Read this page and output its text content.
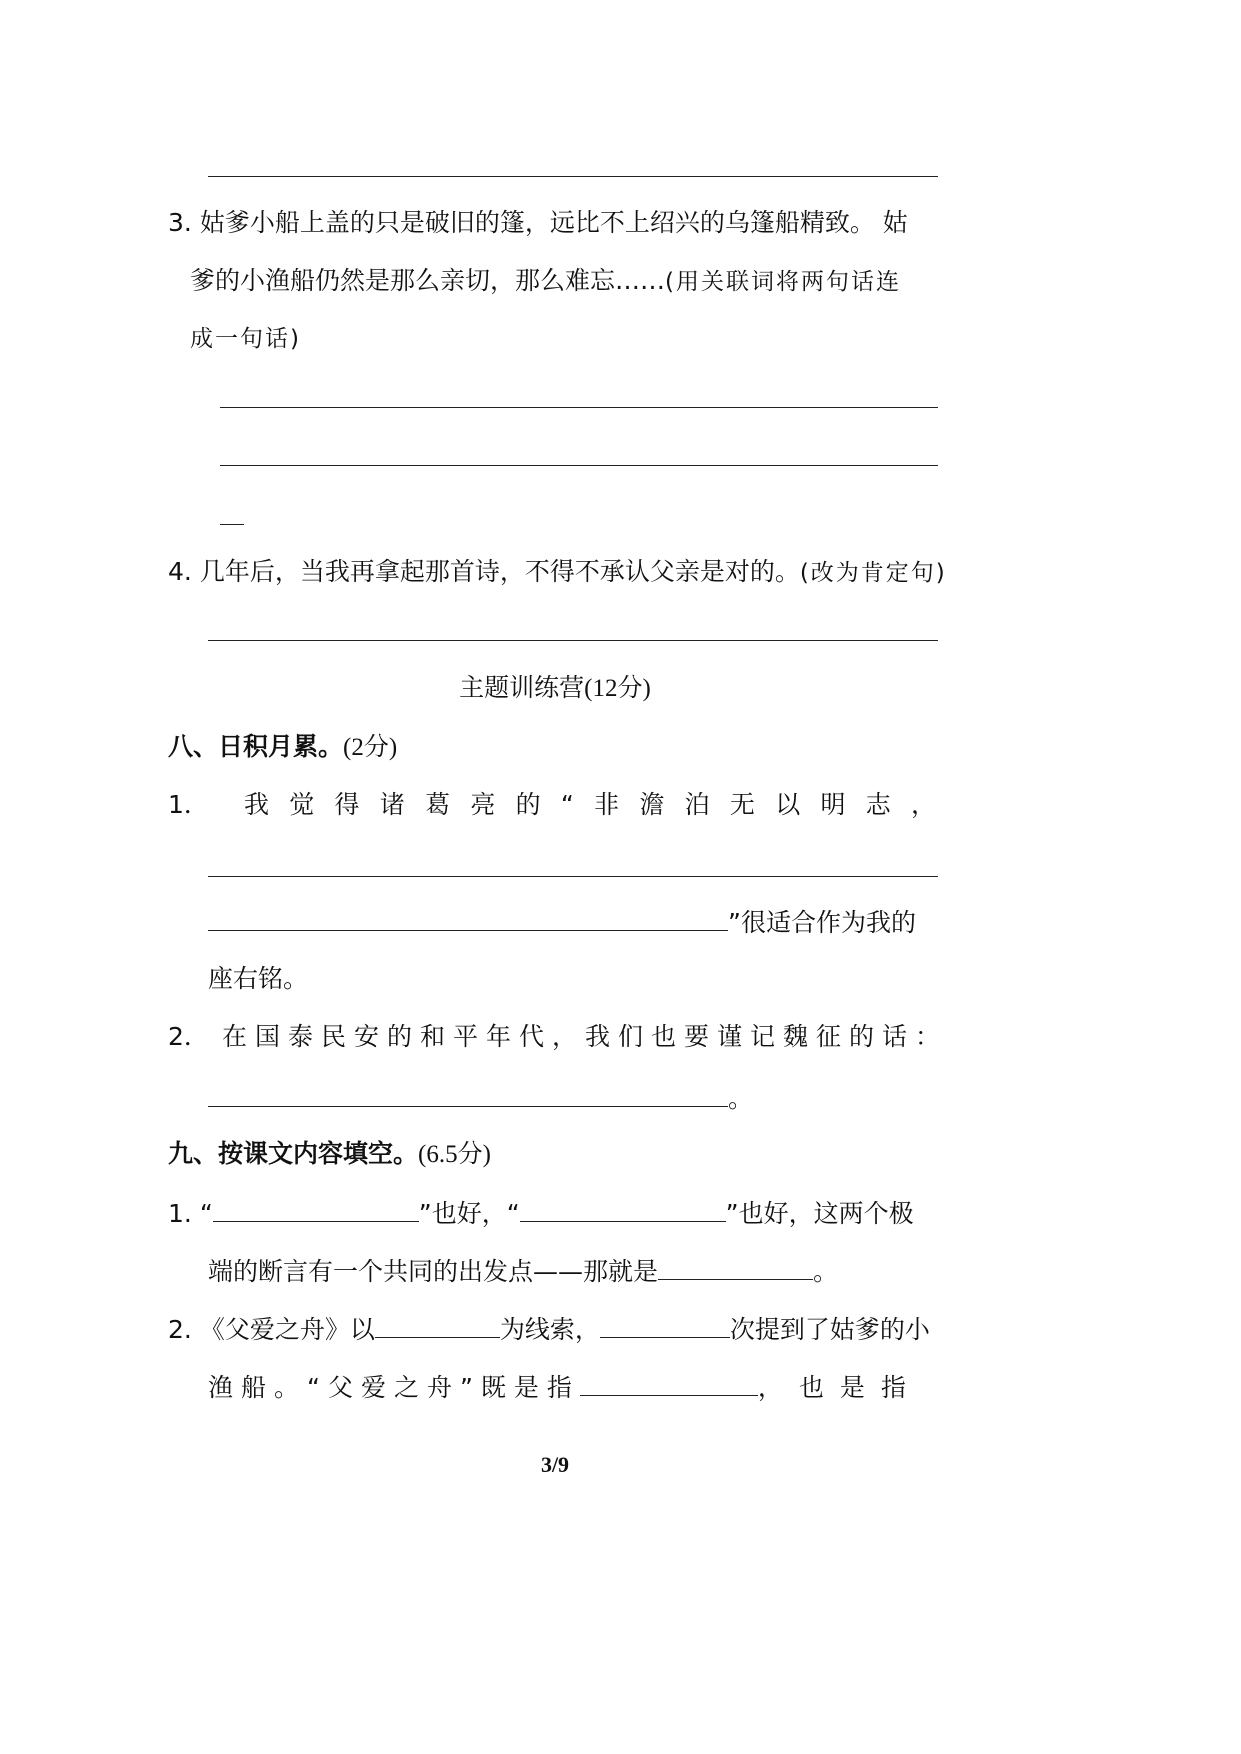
3. 姑爹小船上盖的只是破旧的篷，远比不上绍兴的乌篷船精致。 姑
爹的小渔船仍然是那么亲切，那么难忘……(用关联词将两句话连
成一句话)
4. 几年后，当我再拿起那首诗，不得不承认父亲是对的。(改为肯定句)
主题训练营(12分)
八、日积月累。(2分)
1． 我觉得诸葛亮的“非澹泊无以明志，
”很适合作为我的
座右铭。
2． 在国泰民安的和平年代，我们也要谨记魏征的话：
。
九、按课文内容填空。(6.5分)
1. “	”也好，“	”也好，这两个极
端的断言有一个共同的出发点——那就是	。
2. 《父爱之舟》以	为线索，	次提到了姑爹的小
渔船。“父爱之舟”既是指	，也是指
3/9
